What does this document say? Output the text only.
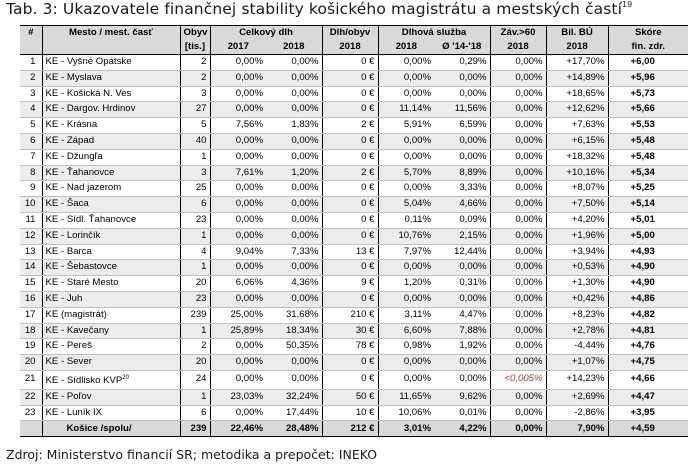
Tab. 3: Ukazovatele finančnej stability košického magistrátu a mestských častí$^{19}$
#	Mesto / mest. časť	Obyv	Celkový dlh		Dlh/obyv	Dlhová služba		Záv.>60	Bil. BÚ	Skóre
		[tis.]	2017	2018	2018	2018	Ø '14-'18	2018	2018	fin. zdr.
1	KE - Vyšné Opátske	2	0,00%	0,00%	0 €	0,00%	0,29%	0,00%	+17,70%	+6,00
2	KE - Myslava	2	0,00%	0,00%	0 €	0,00%	0,00%	0,00%	+14,89%	+5,96
3	KE - Košická N. Ves	3	0,00%	0,00%	0 €	0,00%	0,00%	0,00%	+18,65%	+5,73
4	KE - Dargov. Hrdinov	27	0,00%	0,00%	0 €	11,14%	11,56%	0,00%	+12,62%	+5,66
5	KE - Krásna	5	7,56%	1,83%	2 €	5,91%	6,59%	0,00%	+7,63%	+5,53
6	KE - Západ	40	0,00%	0,00%	0 €	0,00%	0,00%	0,00%	+6,15%	+5,48
7	KE - Džungľa	1	0,00%	0,00%	0 €	0,00%	0,00%	0,00%	+18,32%	+5,48
8	KE - Ťahanovce	3	7,61%	1,20%	2 €	5,70%	8,89%	0,00%	+10,16%	+5,34
9	KE - Nad jazerom	25	0,00%	0,00%	0 €	0,00%	3,33%	0,00%	+8,07%	+5,25
10	KE - Šaca	6	0,00%	0,00%	0 €	5,04%	4,66%	0,00%	+7,50%	+5,14
11	KE - Sídl. Ťahanovce	23	0,00%	0,00%	0 €	0,11%	0,09%	0,00%	+4,20%	+5,01
12	KE - Lorinčík	1	0,00%	0,00%	0 €	10,76%	2,15%	0,00%	+1,96%	+5,00
13	KE - Barca	4	9,04%	7,33%	13 €	7,97%	12,44%	0,00%	+3,94%	+4,93
14	KE - Šebastovce	1	0,00%	0,00%	0 €	0,00%	0,00%	0,00%	+0,53%	+4,90
15	KE - Staré Mesto	20	6,06%	4,36%	9 €	1,20%	0,31%	0,00%	+1,30%	+4,90
16	KE - Juh	23	0,00%	0,00%	0 €	0,00%	0,00%	0,00%	+0,42%	+4,86
17	KE (magistrát)	239	25,00%	31,68%	210 €	3,11%	4,47%	0,00%	+8,23%	+4,82
18	KE - Kavečany	1	25,89%	18,34%	30 €	6,60%	7,88%	0,00%	+2,78%	+4,81
19	KE - Pereš	2	0,00%	50,35%	78 €	0,98%	1,92%	0,00%	-4,44%	+4,76
20	KE - Sever	20	0,00%	0,00%	0 €	0,00%	0,00%	0,00%	+1,07%	+4,75
21	KE - Sídlisko KVP$^{20}$	24	0,00%	0,00%	0 €	0,00%	0,00%	<0,005%	+14,23%	+4,66
22	KE - Poľov	1	23,03%	32,24%	50 €	11,65%	9,62%	0,00%	+2,69%	+4,47
23	KE - Luník IX	6	0,00%	17,44%	10 €	10,06%	0,01%	0,00%	-2,86%	+3,95
	Košice /spolu/	239	22,46%	28,48%	212 €	3,01%	4,22%	0,00%	7,90%	+4,59
Zdroj: Ministerstvo financií SR; metodika a prepočet: INEKO
